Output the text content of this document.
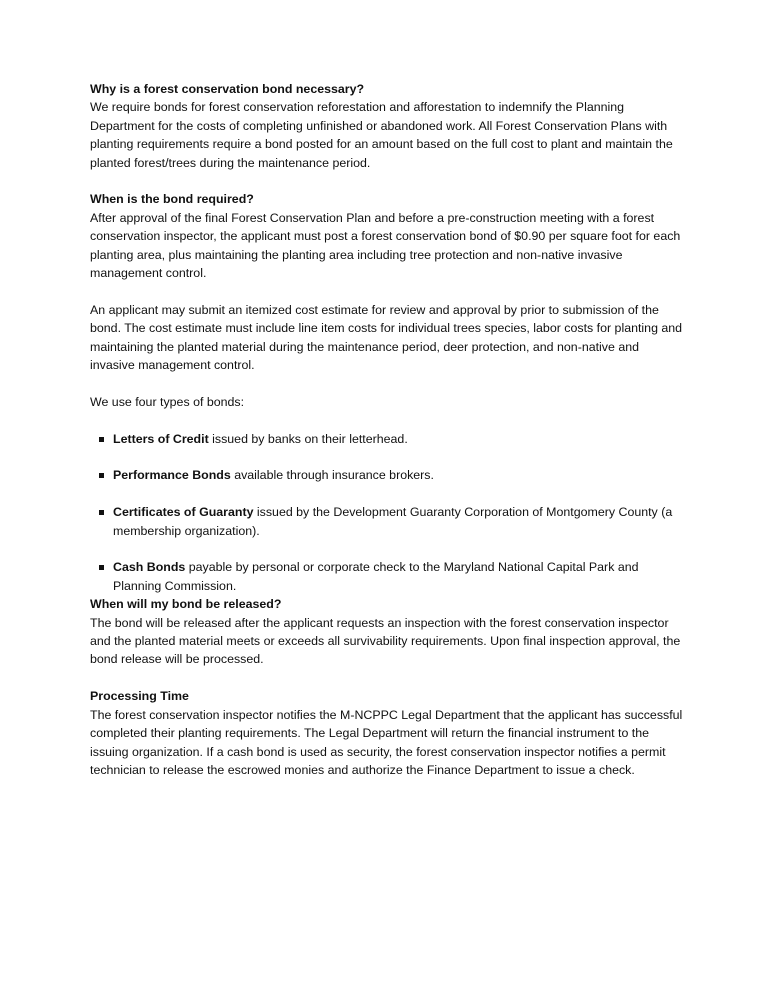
Why is a forest conservation bond necessary?

We require bonds for forest conservation reforestation and afforestation to indemnify the Planning Department for the costs of completing unfinished or abandoned work. All Forest Conservation Plans with planting requirements require a bond posted for an amount based on the full cost to plant and maintain the planted forest/trees during the maintenance period.

When is the bond required?

After approval of the final Forest Conservation Plan and before a pre-construction meeting with a forest conservation inspector, the applicant must post a forest conservation bond of $0.90 per square foot for each planting area, plus maintaining the planting area including tree protection and non-native invasive management control.

An applicant may submit an itemized cost estimate for review and approval by prior to submission of the bond. The cost estimate must include line item costs for individual trees species, labor costs for planting and maintaining the planted material during the maintenance period, deer protection, and non-native and invasive management control.

We use four types of bonds:

Letters of Credit issued by banks on their letterhead.
Performance Bonds available through insurance brokers.
Certificates of Guaranty issued by the Development Guaranty Corporation of Montgomery County (a membership organization).
Cash Bonds payable by personal or corporate check to the Maryland National Capital Park and Planning Commission.

When will my bond be released?

The bond will be released after the applicant requests an inspection with the forest conservation inspector and the planted material meets or exceeds all survivability requirements. Upon final inspection approval, the bond release will be processed.

Processing Time

The forest conservation inspector notifies the M-NCPPC Legal Department that the applicant has successful completed their planting requirements. The Legal Department will return the financial instrument to the issuing organization. If a cash bond is used as security, the forest conservation inspector notifies a permit technician to release the escrowed monies and authorize the Finance Department to issue a check.
